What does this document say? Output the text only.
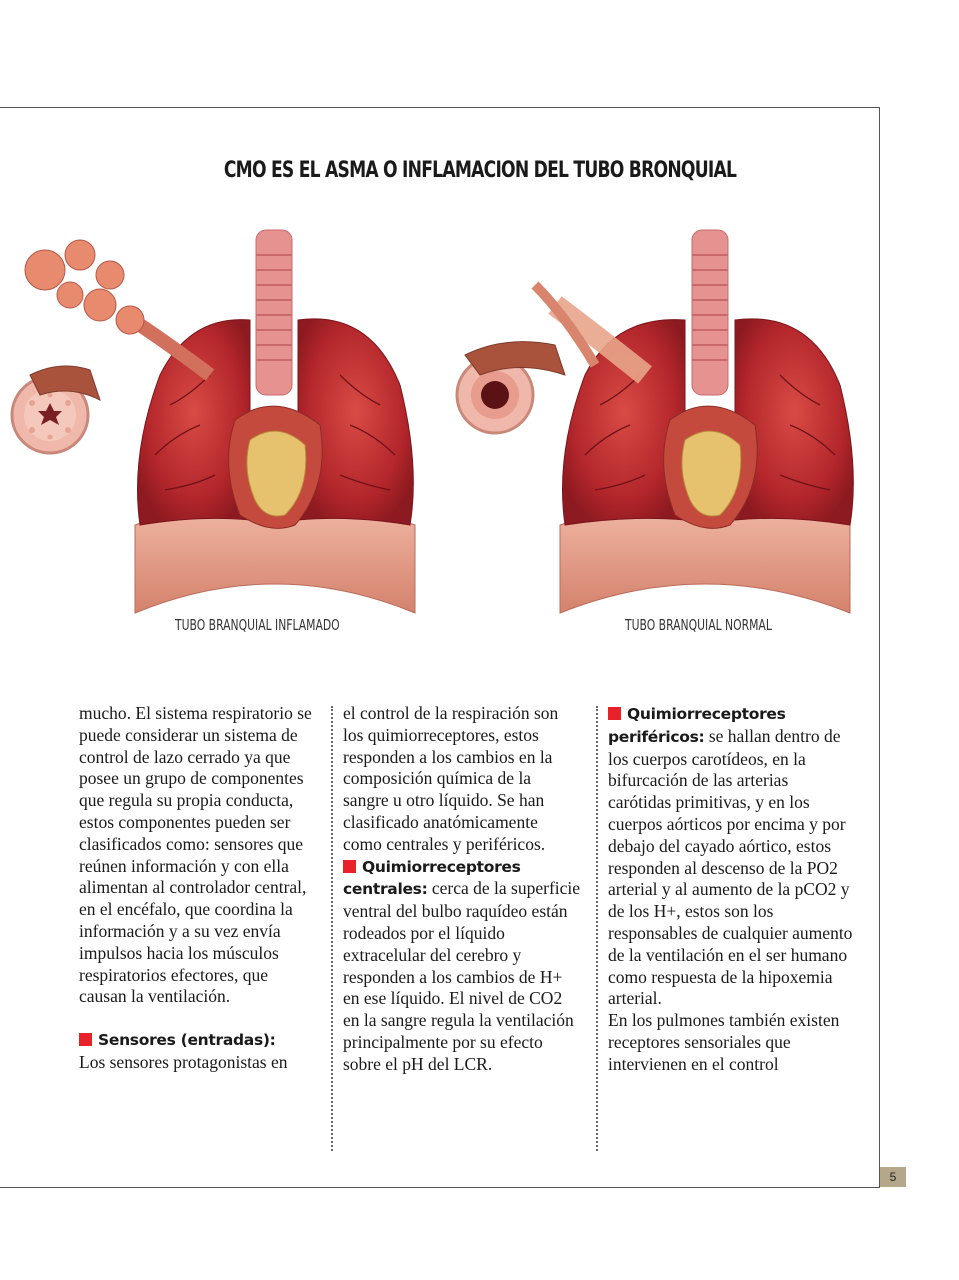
5
CMO ES EL ASMA O INFLAMACION DEL TUBO BRONQUIAL
TUBO BRANQUIAL INFLAMADO	TUBO BRANQUIAL NORMAL

mucho. El sistema respiratorio se puede considerar un sistema de control de lazo cerrado ya que posee un grupo de componentes que regula su propia conducta, estos componentes pueden ser clasificados como: sensores que reúnen información y con ella alimentan al controlador central, en el encéfalo, que coordina la información y a su vez envía impulsos hacia los músculos respiratorios efectores, que causan la ventilación.

Sensores (entradas):

Los sensores protagonistas en

el control de la respiración son los quimiorreceptores, estos responden a los cambios en la composición química de la sangre u otro líquido. Se han clasificado anatómicamente como centrales y periféricos.

Quimiorreceptores centrales: cerca de la superficie ventral del bulbo raquídeo están rodeados por el líquido extracelular del cerebro y responden a los cambios de H+ en ese líquido. El nivel de CO2 en la sangre regula la ventilación principalmente por su efecto sobre el pH del LCR.

Quimiorreceptores periféricos: se hallan dentro de los cuerpos carotídeos, en la bifurcación de las arterias carótidas primitivas, y en los cuerpos aórticos por encima y por debajo del cayado aórtico, estos responden al descenso de la PO2 arterial y al aumento de la pCO2 y de los H+, estos son los responsables de cualquier aumento de la ventilación en el ser humano como respuesta de la hipoxemia arterial.

En los pulmones también existen receptores sensoriales que intervienen en el control
